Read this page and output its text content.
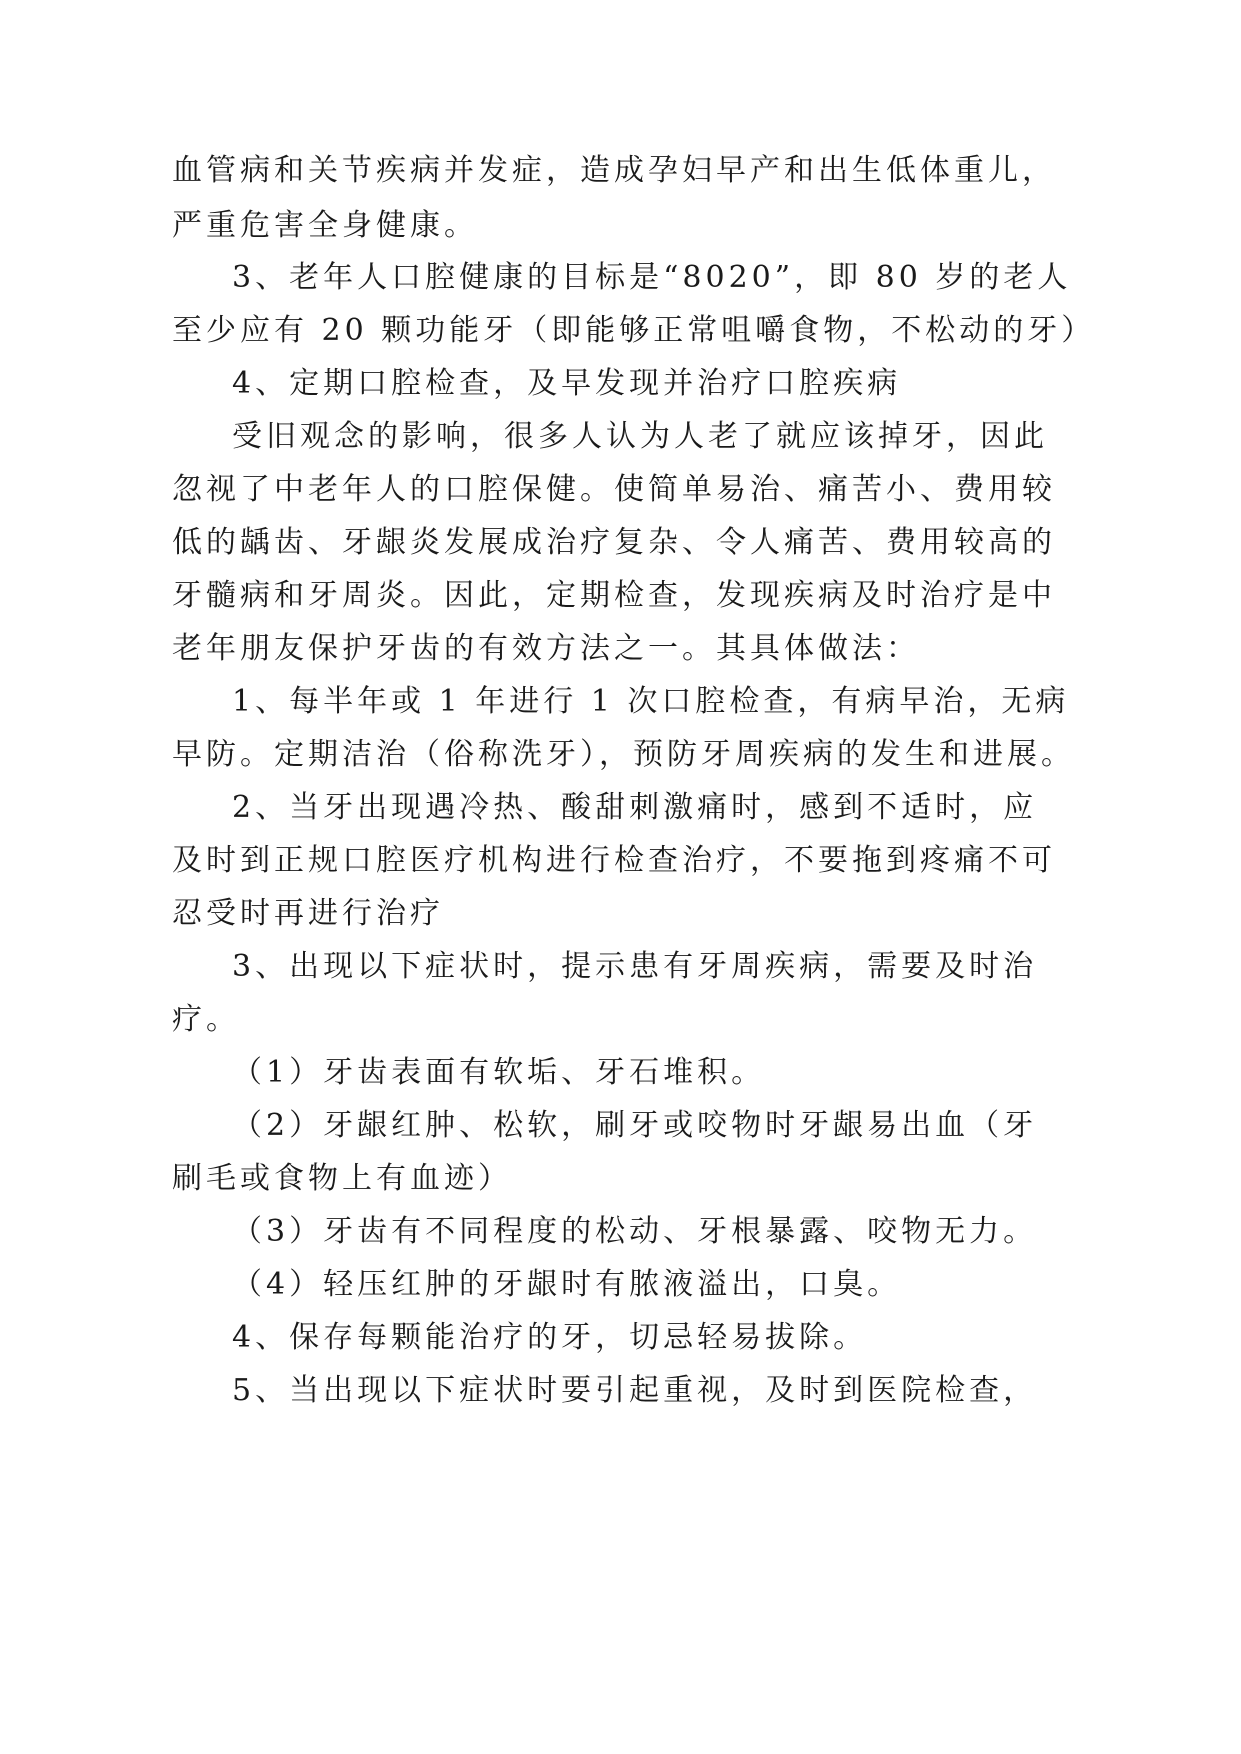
血管病和关节疾病并发症，造成孕妇早产和出生低体重儿，
严重危害全身健康。
3、老年人口腔健康的目标是“8020”，即 80 岁的老人
至少应有 20 颗功能牙（即能够正常咀嚼食物，不松动的牙）
4、定期口腔检查，及早发现并治疗口腔疾病
受旧观念的影响，很多人认为人老了就应该掉牙，因此
忽视了中老年人的口腔保健。使简单易治、痛苦小、费用较
低的龋齿、牙龈炎发展成治疗复杂、令人痛苦、费用较高的
牙髓病和牙周炎。因此，定期检查，发现疾病及时治疗是中
老年朋友保护牙齿的有效方法之一。其具体做法：
1、每半年或 1 年进行 1 次口腔检查，有病早治，无病
早防。定期洁治（俗称洗牙），预防牙周疾病的发生和进展。
2、当牙出现遇冷热、酸甜刺激痛时，感到不适时，应
及时到正规口腔医疗机构进行检查治疗，不要拖到疼痛不可
忍受时再进行治疗
3、出现以下症状时，提示患有牙周疾病，需要及时治
疗。
（1）牙齿表面有软垢、牙石堆积。
（2）牙龈红肿、松软，刷牙或咬物时牙龈易出血（牙
刷毛或食物上有血迹）
（3）牙齿有不同程度的松动、牙根暴露、咬物无力。
（4）轻压红肿的牙龈时有脓液溢出，口臭。
4、保存每颗能治疗的牙，切忌轻易拔除。
5、当出现以下症状时要引起重视，及时到医院检查，
